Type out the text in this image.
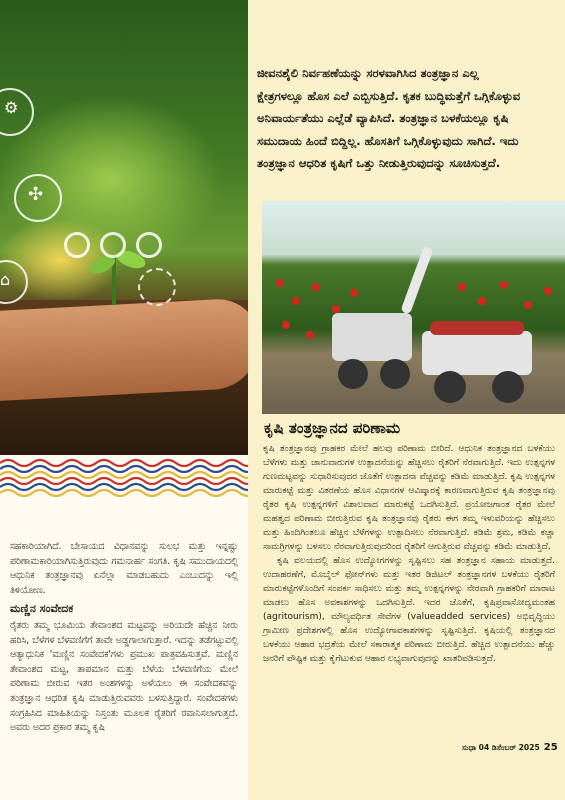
⚙
✣
⌂

ಸಹಕಾರಿಯಾಗಿದೆ. ಬೇಸಾಯದ ವಿಧಾನವನ್ನು ಸುಲಭ ಮತ್ತು ಇನ್ನಷ್ಟು ಪರಿಣಾಮಕಾರಿಯಾಗಿಸುತ್ತಿರುವುದು ಗಮನಾರ್ಹ ಸಂಗತಿ. ಕೃಷಿ ಸಮುದಾಯದಲ್ಲಿ ಆಧುನಿಕ ತಂತ್ರಜ್ಞಾನವು ಏನೆಲ್ಲಾ ಮಾಡಬಹುದು ಎಂಬುದನ್ನು ಇಲ್ಲಿ ತಿಳಿಯೋಣ.

ಮಣ್ಣಿನ ಸಂವೇದಕ

ರೈತರು ತಮ್ಮ ಭೂಮಿಯ ತೇವಾಂಶದ ಮಟ್ಟವನ್ನು ಅರಿಯದೇ ಹೆಚ್ಚಿನ ನೀರು ಹರಿಸಿ, ಬೆಳೆಗಳ ಬೆಳವಣಿಗೆಗೆ ತಾವೇ ಅಡ್ಡಗಾಲಾಗುತ್ತಾರೆ. ಇದನ್ನು ತಡೆಗಟ್ಟುವಲ್ಲಿ ಆತ್ಯಾಧುನಿಕ 'ಮಣ್ಣಿನ ಸಂವೇದಕ'ಗಳು ಪ್ರಮುಖ ಪಾತ್ರವಹಿಸುತ್ತವೆ. ಮಣ್ಣಿನ ತೇವಾಂಶದ ಮಟ್ಟ, ತಾಪಮಾನ ಮತ್ತು ಬೆಳೆಯ ಬೆಳವಣಿಗೆಯ ಮೇಲೆ ಪರಿಣಾಮ ಬೀರುವ ಇತರ ಅಂಶಗಳನ್ನು ಅಳೆಯಲು ಈ ಸಂವೇದಕವನ್ನು ತಂತ್ರಜ್ಞಾನ ಆಧರಿತ ಕೃಷಿ ಮಾಡುತ್ತಿರುವವರು ಬಳಸುತ್ತಿದ್ದಾರೆ. ಸಂವೇದಕಗಳು ಸಂಗ್ರಹಿಸಿದ ಮಾಹಿತಿಯನ್ನು ನಿಸ್ತಂತು ಮೂಲಕ ರೈತರಿಗೆ ರವಾನಿಸಲಾಗುತ್ತದೆ. ಅವರು ಅದರ ಪ್ರಕಾರ ತಮ್ಮ ಕೃಷಿ

ಜೀವನಶೈಲಿ ನಿರ್ವಹಣೆಯನ್ನು ಸರಳವಾಗಿಸಿದ ತಂತ್ರಜ್ಞಾನ ಎಲ್ಲ ಕ್ಷೇತ್ರಗಳಲ್ಲೂ ಹೊಸ ಎಲೆ ಎಬ್ಬಿಸುತ್ತಿದೆ. ಕೃತಕ ಬುದ್ಧಿಮತ್ತೆಗೆ ಒಗ್ಗಿಕೊಳ್ಳುವ ಅನಿವಾರ್ಯತೆಯು ಎಲ್ಲೆಡೆ ವ್ಯಾಪಿಸಿದೆ. ತಂತ್ರಜ್ಞಾನ ಬಳಕೆಯಲ್ಲೂ ಕೃಷಿ ಸಮುದಾಯ ಹಿಂದೆ ಬಿದ್ದಿಲ್ಲ. ಹೊಸತಿಗೆ ಒಗ್ಗಿಕೊಳ್ಳುವುದು ಸಾಗಿದೆ. ಇದು ತಂತ್ರಜ್ಞಾನ ಆಧರಿತ ಕೃಷಿಗೆ ಒತ್ತು ನೀಡುತ್ತಿರುವುದನ್ನು ಸೂಚಿಸುತ್ತದೆ.
ಕೃಷಿ ತಂತ್ರಜ್ಞಾನದ ಪರಿಣಾಮ

ಕೃಷಿ ತಂತ್ರಜ್ಞಾನವು ಗ್ರಾಹಕರ ಮೇಲೆ ಹಲವು ಪರಿಣಾಮ ಬೀರಿದೆ. ಆಧುನಿಕ ತಂತ್ರಜ್ಞಾನದ ಬಳಕೆಯು ಬೆಳೆಗಳು ಮತ್ತು ಜಾನುವಾರುಗಳ ಉತ್ಪಾದನೆಯನ್ನು ಹೆಚ್ಚಿಸಲು ರೈತರಿಗೆ ನೆರವಾಗುತ್ತಿದೆ. ಇದು ಉತ್ಪನ್ನಗಳ ಗುಣಮಟ್ಟವನ್ನು ಸುಧಾರಿಸುವುದರ ಜೊತೆಗೆ ಉತ್ಪಾದನಾ ವೆಚ್ಚವನ್ನು ಕಡಿಮೆ ಮಾಡುತ್ತಿದೆ. ಕೃಷಿ ಉತ್ಪನ್ನಗಳ ಮಾರುಕಟ್ಟೆ ಮತ್ತು ವಿತರಣೆಯ ಹೊಸ ವಿಧಾನಗಳ ಆವಿಷ್ಕಾರಕ್ಕೆ ಕಾರಣವಾಗುತ್ತಿರುವ ಕೃಷಿ ತಂತ್ರಜ್ಞಾನವು ರೈತರ ಕೃಷಿ ಉತ್ಪನ್ನಗಳಿಗೆ ವಿಶಾಲವಾದ ಮಾರುಕಟ್ಟೆ ಒದಗಿಸುತ್ತಿದೆ. ಪ್ರಯೋಜಗಾಂತ ರೈತರ ಮೇಲೆ ಮಹತ್ವದ ಪರಿಣಾಮ ಬೀರುತ್ತಿರುವ ಕೃಷಿ ತಂತ್ರಜ್ಞಾನವು ರೈತರು ಈಗ ತಮ್ಮ ಇಳುವರಿಯನ್ನು ಹೆಚ್ಚಿಸಲು ಮತ್ತು ಹಿಂದಿಗಿಂತಲೂ ಹೆಚ್ಚಿನ ಬೆಳೆಗಳನ್ನು ಉತ್ಪಾದಿಸಲು ನೆರವಾಗುತ್ತಿದೆ. ಕಡಿಮೆ ಶ್ರಮ, ಕಡಿಮೆ ಕಚ್ಚಾ ಸಾಮಗ್ರಿಗಳನ್ನು ಬಳಸಲು ನೆರವಾಗುತ್ತಿರುವುದರಿಂದ ರೈತರಿಗೆ ಆಗುತ್ತಿರುವ ವೆಚ್ಚವನ್ನು ಕಡಿಮೆ ಮಾಡುತ್ತಿದೆ.

ಕೃಷಿ ವಲಯದಲ್ಲಿ ಹೊಸ ಉದ್ಯೋಗಗಳನ್ನು ಸೃಷ್ಟಿಸಲು ಸಹ ತಂತ್ರಜ್ಞಾನ ಸಹಾಯ ಮಾಡುತ್ತದೆ. ಉದಾಹರಣೆಗೆ, ಮೊಬೈಲ್ ಫೋನ್‌ಗಳು ಮತ್ತು ಇತರ ಡಿಜಿಟಲ್ ತಂತ್ರಜ್ಞಾನಗಳ ಬಳಕೆಯು ರೈತರಿಗೆ ಮಾರುಕಟ್ಟೆಗಳೊಂದಿಗೆ ಸಂಪರ್ಕ ಸಾಧಿಸಲು ಮತ್ತು ತಮ್ಮ ಉತ್ಪನ್ನಗಳನ್ನು ನೇರವಾಗಿ ಗ್ರಾಹಕರಿಗೆ ಮಾರಾಟ ಮಾಡಲು ಹೊಸ ಅವಕಾಶಗಳನ್ನು ಒದಗಿಸುತ್ತಿದೆ. ಇದರ ಜೊತೆಗೆ, ಕೃಷಿಪ್ರವಾಸೋದ್ಯಮಂತಹ (agritourism), ಮೌಲ್ಯವರ್ಧಿತ ಸೇವೆಗಳ (valueadded services) ಅಭಿವೃದ್ಧಿಯು ಗ್ರಾಮೀಣ ಪ್ರದೇಶಗಳಲ್ಲಿ ಹೊಸ ಉದ್ಯೋಗಾವಕಾಶಗಳನ್ನು ಸೃಷ್ಟಿಸುತ್ತಿದೆ. ಕೃಷಿಯಲ್ಲಿ ತಂತ್ರಜ್ಞಾನದ ಬಳಕೆಯು ಆಹಾರ ಭದ್ರತೆಯ ಮೇಲೆ ಸಕಾರಾತ್ಮಕ ಪರಿಣಾಮ ಬೀರುತ್ತಿದೆ. ಹೆಚ್ಚಿದ ಉತ್ಪಾದನೆಯು ಹೆಚ್ಚು ಜನರಿಗೆ ಪೌಷ್ಟಿಕ ಮತ್ತು ಕೈಗೆಟುಕುವ ಆಹಾರ ಲಭ್ಯವಾಗುವುದನ್ನು ಖಾತರಿಪಡಿಸುತ್ತದೆ.

ಸುಧಾ 04 ಡಿಸೆಂಬರ್ 2025 25
